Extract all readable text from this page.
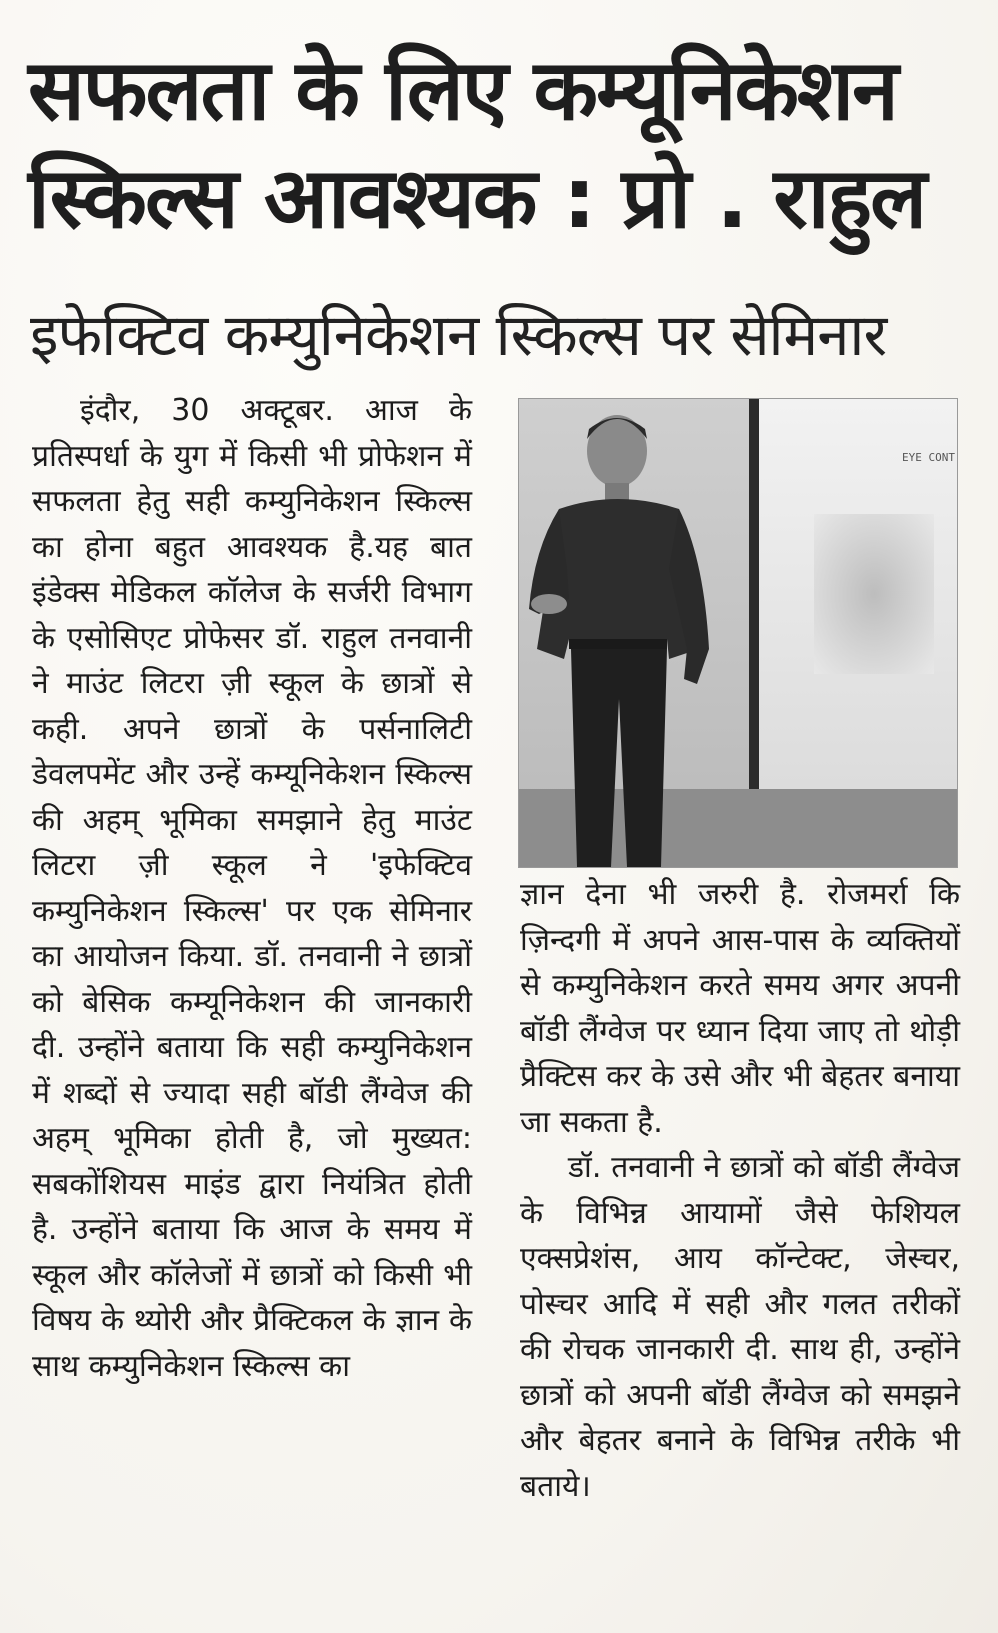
सफलता के लिए कम्यूनिकेशन
स्किल्स आवश्यक : प्रो . राहुल
इफेक्टिव कम्युनिकेशन स्किल्स पर सेमिनार

इंदौर, 30 अक्टूबर. आज के प्रतिस्पर्धा के युग में किसी भी प्रोफेशन में सफलता हेतु सही कम्युनिकेशन स्किल्स का होना बहुत आवश्यक है.यह बात इंडेक्स मेडिकल कॉलेज के सर्जरी विभाग के एसोसिएट प्रोफेसर डॉ. राहुल तनवानी ने माउंट लिटरा ज़ी स्कूल के छात्रों से कही. अपने छात्रों के पर्सनालिटी डेवलपमेंट और उन्हें कम्यूनिकेशन स्किल्स की अहम् भूमिका समझाने हेतु माउंट लिटरा ज़ी स्कूल ने 'इफेक्टिव कम्युनिकेशन स्किल्स' पर एक सेमिनार का आयोजन किया. डॉ. तनवानी ने छात्रों को बेसिक कम्यूनिकेशन की जानकारी दी. उन्होंने बताया कि सही कम्युनिकेशन में शब्दों से ज्यादा सही बॉडी लैंग्वेज की अहम् भूमिका होती है, जो मुख्यत: सबकोंशियस माइंड द्वारा नियंत्रित होती है. उन्होंने बताया कि आज के समय में स्कूल और कॉलेजों में छात्रों को किसी भी विषय के थ्योरी और प्रैक्टिकल के ज्ञान के साथ कम्युनिकेशन स्किल्स का

EYE CONT

ज्ञान देना भी जरुरी है. रोजमर्रा कि ज़िन्दगी में अपने आस-पास के व्यक्तियों से कम्युनिकेशन करते समय अगर अपनी बॉडी लैंग्वेज पर ध्यान दिया जाए तो थोड़ी प्रैक्टिस कर के उसे और भी बेहतर बनाया जा सकता है.

डॉ. तनवानी ने छात्रों को बॉडी लैंग्वेज के विभिन्न आयामों जैसे फेशियल एक्सप्रेशंस, आय कॉन्टेक्ट, जेस्चर, पोस्चर आदि में सही और गलत तरीकों की रोचक जानकारी दी. साथ ही, उन्होंने छात्रों को अपनी बॉडी लैंग्वेज को समझने और बेहतर बनाने के विभिन्न तरीके भी बताये।
